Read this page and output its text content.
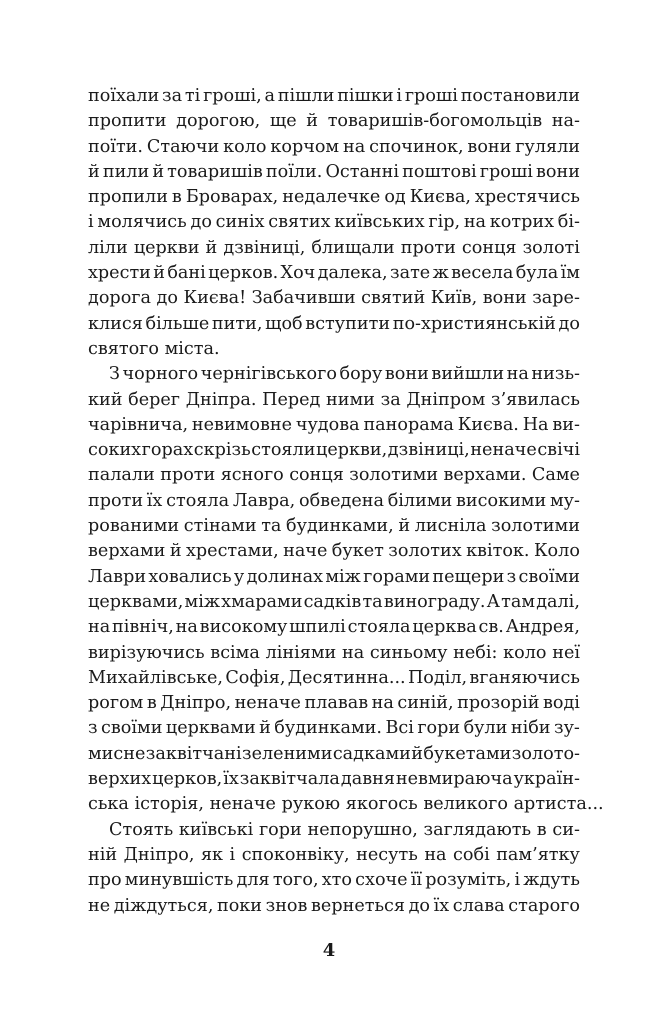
поїхали за ті гроші, а пішли пішки і гроші постановили
пропити дорогою, ще й товаришів-богомольців на-
поїти. Стаючи коло корчом на спочинок, вони гуляли
й пили й товаришів поїли. Останні поштові гроші вони
пропили в Броварах, недалечке од Києва, хрестячись
і молячись до синіх святих київських гір, на котрих бі-
ліли церкви й дзвіниці, блищали проти сонця золоті
хрести й бані церков. Хоч далека, зате ж весела була їм
дорога до Києва! Забачивши святий Київ, вони заре-
клися більше пити, щоб вступити по-християнській до
святого міста.
З чорного чернігівського бору вони вийшли на низь-
кий берег Дніпра. Перед ними за Дніпром з’явилась
чарівнича, невимовне чудова панорама Києва. На ви-
соких горах скрізь стояли церкви, дзвіниці, неначе свічі
палали проти ясного сонця золотими верхами. Саме
проти їх стояла Лавра, обведена білими високими му-
рованими стінами та будинками, й лисніла золотими
верхами й хрестами, наче букет золотих квіток. Коло
Лаври ховались у долинах між горами пещери з своїми
церквами, між хмарами садків та винограду. А там далі,
на північ, на високому шпилі стояла церква св. Андрея,
вирізуючись всіма лініями на синьому небі: коло неї
Михайлівське, Софія, Десятинна... Поділ, вганяючись
рогом в Дніпро, неначе плавав на синій, прозорій воді
з своїми церквами й будинками. Всі гори були ніби зу-
мисне заквітчані зеленими садками й букетами золото-
верхих церков, їх заквітчала давня невмираюча україн-
ська історія, неначе рукою якогось великого артиста...
Стоять київські гори непорушно, заглядають в си-
ній Дніпро, як і споконвіку, несуть на собі пам’ятку
про минувшість для того, хто схоче її розуміть, і ждуть
не діждуться, поки знов вернеться до їх слава старого
4
